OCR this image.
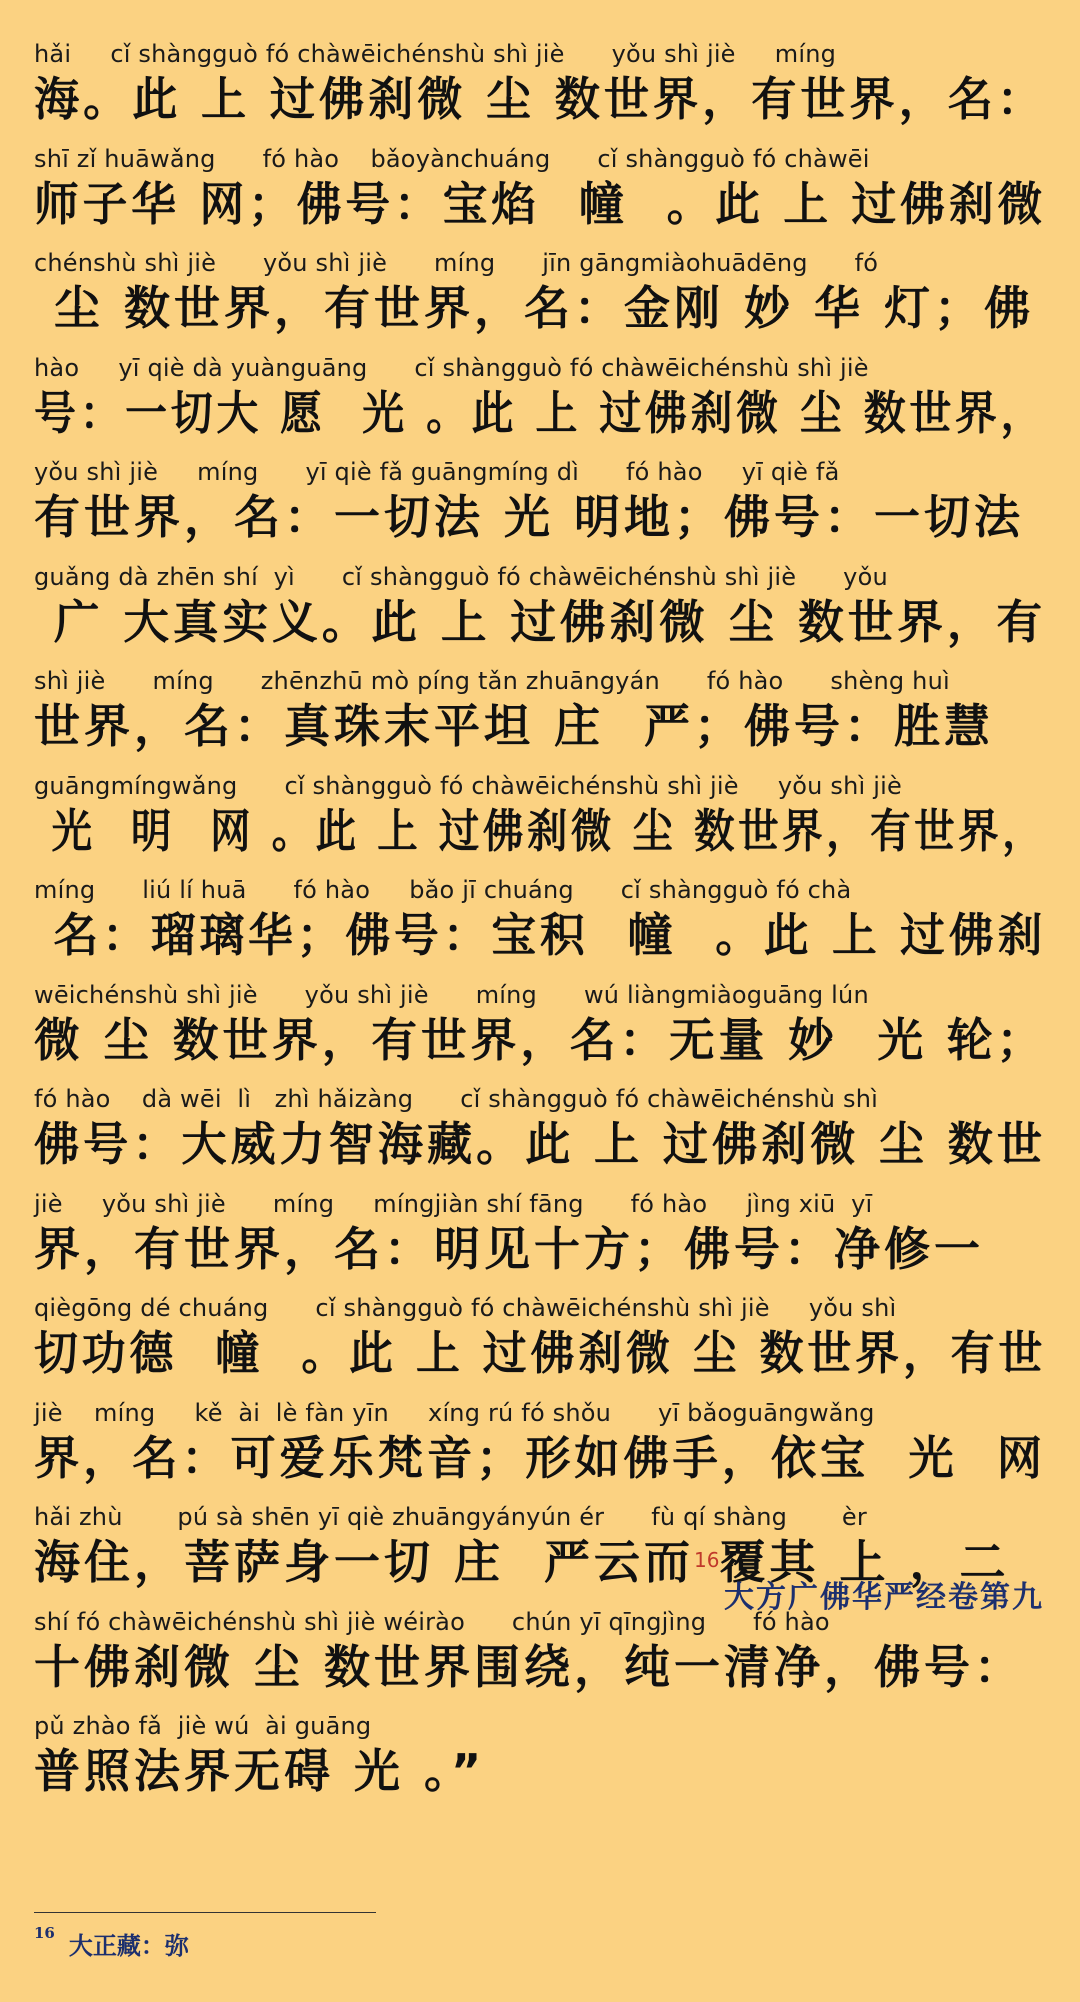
hǎi     cǐ shàngguò fó chàwēichénshù shì jiè      yǒu shì jiè     míng
海。此 上 过佛刹微 尘 数世界，有世界，名：
shī zǐ huāwǎng      fó hào    bǎoyànchuáng      cǐ shàngguò fó chàwēi
师子华 网；佛号：宝焰  幢  。此 上 过佛刹微
chénshù shì jiè      yǒu shì jiè      míng      jīn gāngmiàohuādēng      fó
尘 数世界，有世界，名：金刚 妙 华 灯；佛
hào     yī qiè dà yuànguāng      cǐ shàngguò fó chàwēichénshù shì jiè
号：一切大 愿  光 。此 上 过佛刹微 尘 数世界，
yǒu shì jiè     míng      yī qiè fǎ guāngmíng dì      fó hào     yī qiè fǎ
有世界，名：一切法 光 明地；佛号：一切法
guǎng dà zhēn shí  yì      cǐ shàngguò fó chàwēichénshù shì jiè      yǒu
广 大真实义。此 上 过佛刹微 尘 数世界，有
shì jiè      míng      zhēnzhū mò píng tǎn zhuāngyán      fó hào      shèng huì
世界，名：真珠末平坦 庄  严；佛号：胜慧
guāngmíngwǎng      cǐ shàngguò fó chàwēichénshù shì jiè     yǒu shì jiè
光  明  网 。此 上 过佛刹微 尘 数世界，有世界，
míng      liú lí huā      fó hào     bǎo jī chuáng      cǐ shàngguò fó chà
名：瑠璃华；佛号：宝积  幢  。此 上 过佛刹
wēichénshù shì jiè      yǒu shì jiè      míng      wú liàngmiàoguāng lún
微 尘 数世界，有世界，名：无量 妙  光 轮；
fó hào    dà wēi  lì   zhì hǎizàng      cǐ shàngguò fó chàwēichénshù shì
佛号：大威力智海藏。此 上 过佛刹微 尘 数世
jiè     yǒu shì jiè      míng     míngjiàn shí fāng      fó hào     jìng xiū  yī
界，有世界，名：明见十方；佛号：净修一
qiègōng dé chuáng      cǐ shàngguò fó chàwēichénshù shì jiè     yǒu shì
切功德  幢  。此 上 过佛刹微 尘 数世界，有世
jiè    míng     kě  ài  lè fàn yīn     xíng rú fó shǒu      yī bǎoguāngwǎng
界，名：可爱乐梵音；形如佛手，依宝  光  网
hǎi zhù       pú sà shēn yī qiè zhuāngyányún ér      fù qí shàng       èr
海住，菩萨身一切 庄  严云而$^{16}$覆其 上 ，二
shí fó chàwēichénshù shì jiè wéirào      chún yī qīngjìng      fó hào
十佛刹微 尘 数世界围绕，纯一清净，佛号：
pǔ zhào fǎ  jiè wú  ài guāng
普照法界无碍 光 。”
大方广佛华严经卷第九
$^{16}$ 大正藏：弥
